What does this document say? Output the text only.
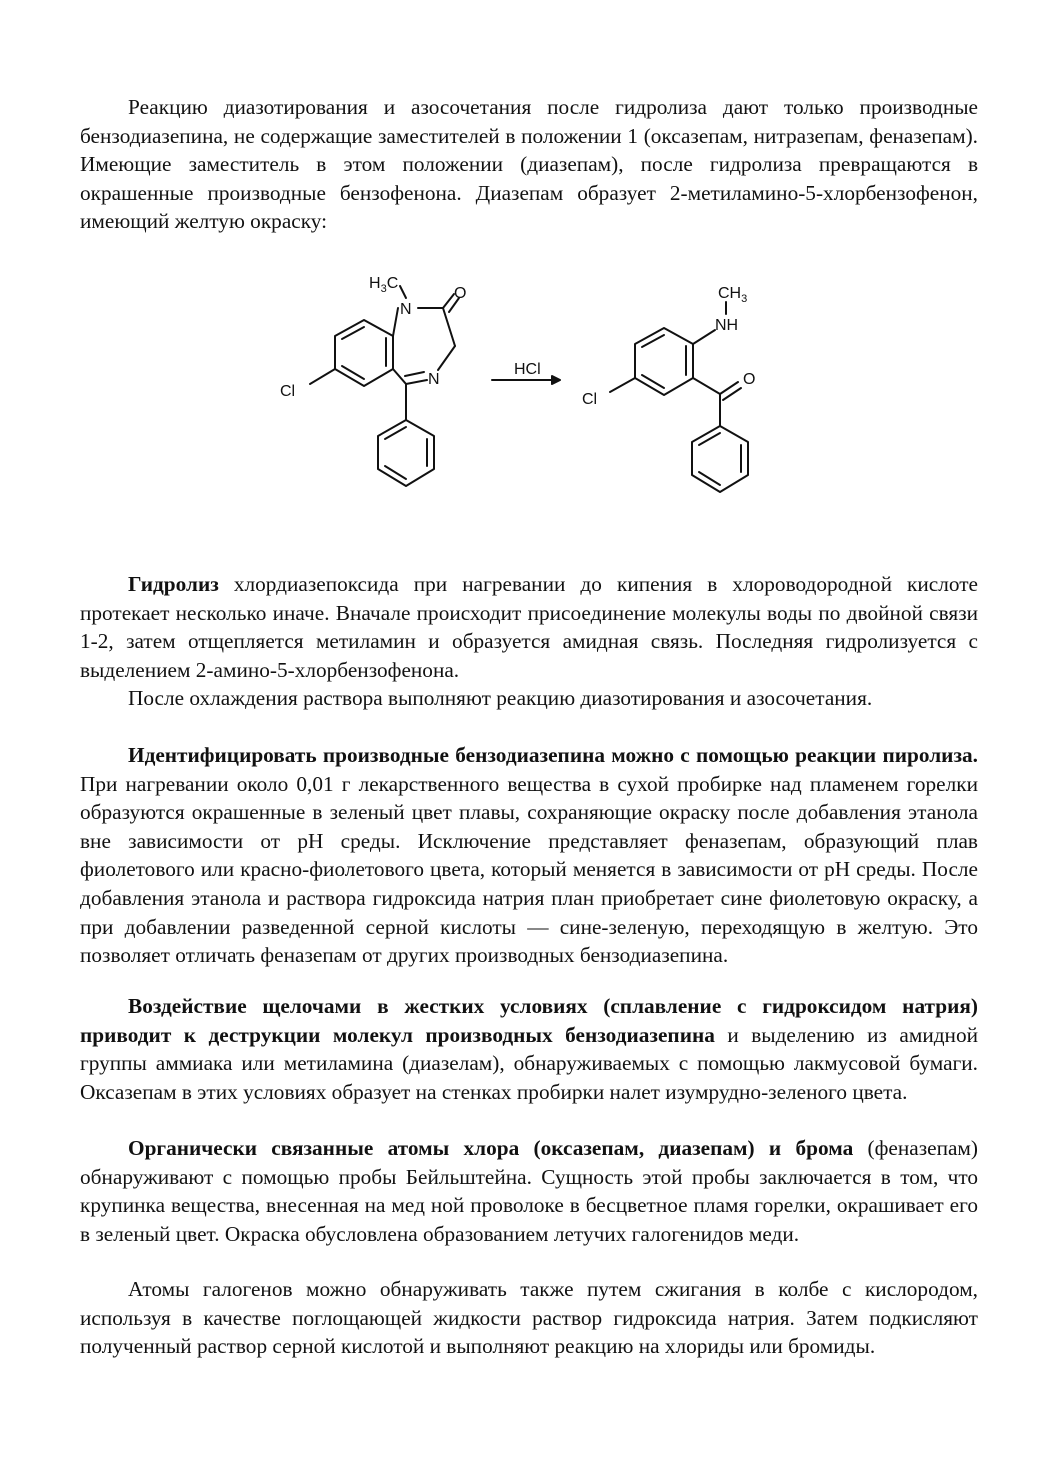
Реакцию диазотирования и азосочетания после гидролиза дают только производные бензодиазепина, не содержащие заместителей в положении 1 (оксазепам, нитразепам, феназепам). Имеющие заместитель в этом положении (диазепам), после гидролиза превращаются в окрашенные производные бензофенона. Диазепам образует 2-метиламино-5-хлорбензофенон, имеющий желтую окраску:

$H_3C$
N
O
N
Cl
HCl
$CH_3$
NH
O
Cl

Гидролиз хлордиазепоксида при нагревании до кипения в хлороводородной кислоте протекает несколько иначе. Вначале происходит присоединение молекулы воды по двойной связи 1-2, затем отщепляется метиламин и образуется амидная связь. Последняя гидролизуется с выделением 2-амино-5-хлорбензофенона.

После охлаждения раствора выполняют реакцию диазотирования и азосочетания.

Идентифицировать производные бензодиазепина можно с помощью реакции пиролиза. При нагревании около 0,01 г лекарственного вещества в сухой пробирке над пламенем горелки образуются окрашенные в зеленый цвет плавы, сохраняющие окраску после добавления этанола вне зависимости от pH среды. Исключение представляет феназепам, образующий плав фиолетового или красно-фиолетового цвета, который меняется в зависимости от pH среды. После добавления этанола и раствора гидроксида натрия план приобретает сине фиолетовую окраску, а при добавлении разведенной серной кислоты — сине-зеленую, переходящую в желтую. Это позволяет отличать феназепам от других производных бензодиазепина.

Воздействие щелочами в жестких условиях (сплавление с гидроксидом натрия) приводит к деструкции молекул производных бензодиазепина и выделению из амидной группы аммиака или метиламина (диазелам), обнаруживаемых с помощью лакмусовой бумаги. Оксазепам в этих условиях образует на стенках пробирки налет изумрудно-зеленого цвета.

Органически связанные атомы хлора (оксазепам, диазепам) и брома (феназепам) обнаруживают с помощью пробы Бейльштейна. Сущность этой пробы заключается в том, что крупинка вещества, внесенная на мед ной проволоке в бесцветное пламя горелки, окрашивает его в зеленый цвет. Окраска обусловлена образованием летучих галогенидов меди.

Атомы галогенов можно обнаруживать также путем сжигания в колбе с кислородом, используя в качестве поглощающей жидкости раствор гидроксида натрия. Затем подкисляют полученный раствор серной кислотой и выполняют реакцию на хлориды или бромиды.
